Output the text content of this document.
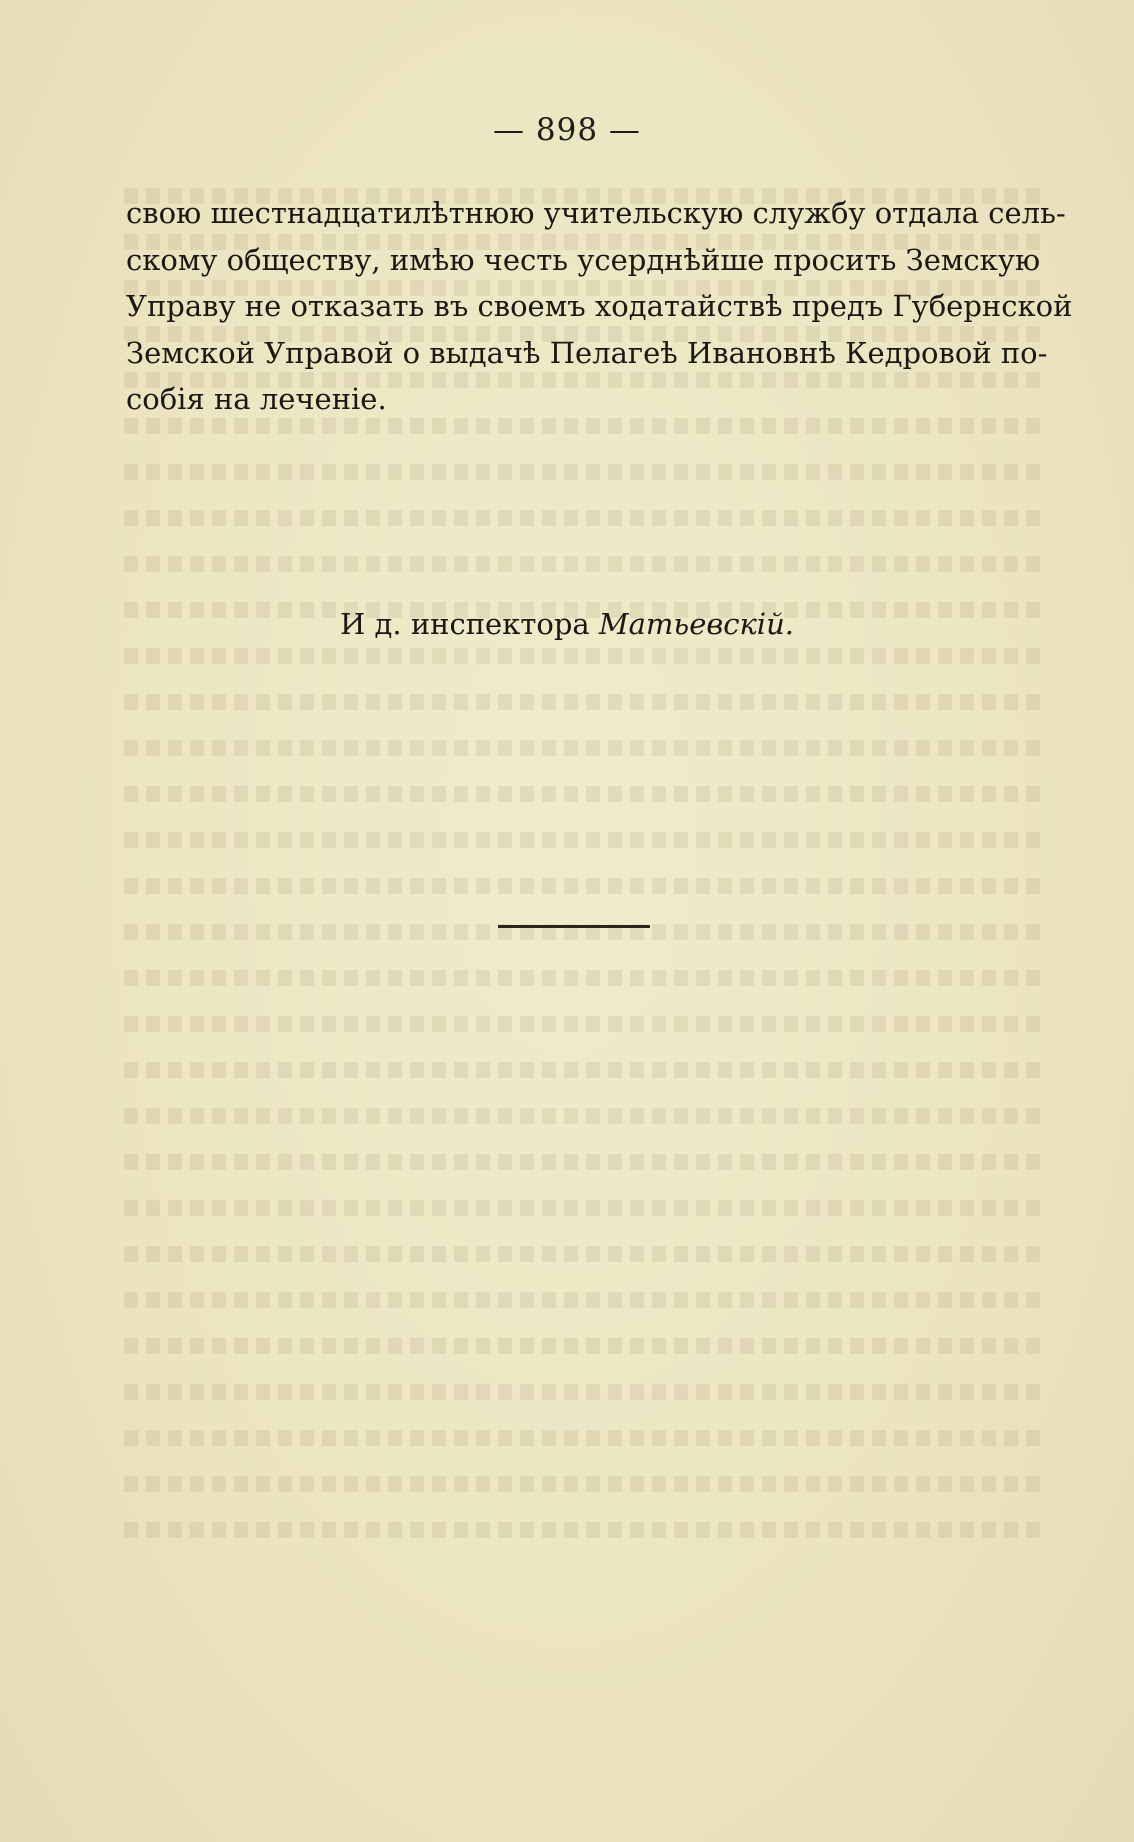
— 898 —
свою шестнадцатилѣтнюю учительскую службу отдала сель-
скому обществу, имѣю честь усерднѣйше просить Земскую
Управу не отказать въ своемъ ходатайствѣ предъ Губернской
Земской Управой о выдачѣ Пелагеѣ Ивановнѣ Кедровой по-
собія на леченіе.
И д. инспектора Матьевскій.
